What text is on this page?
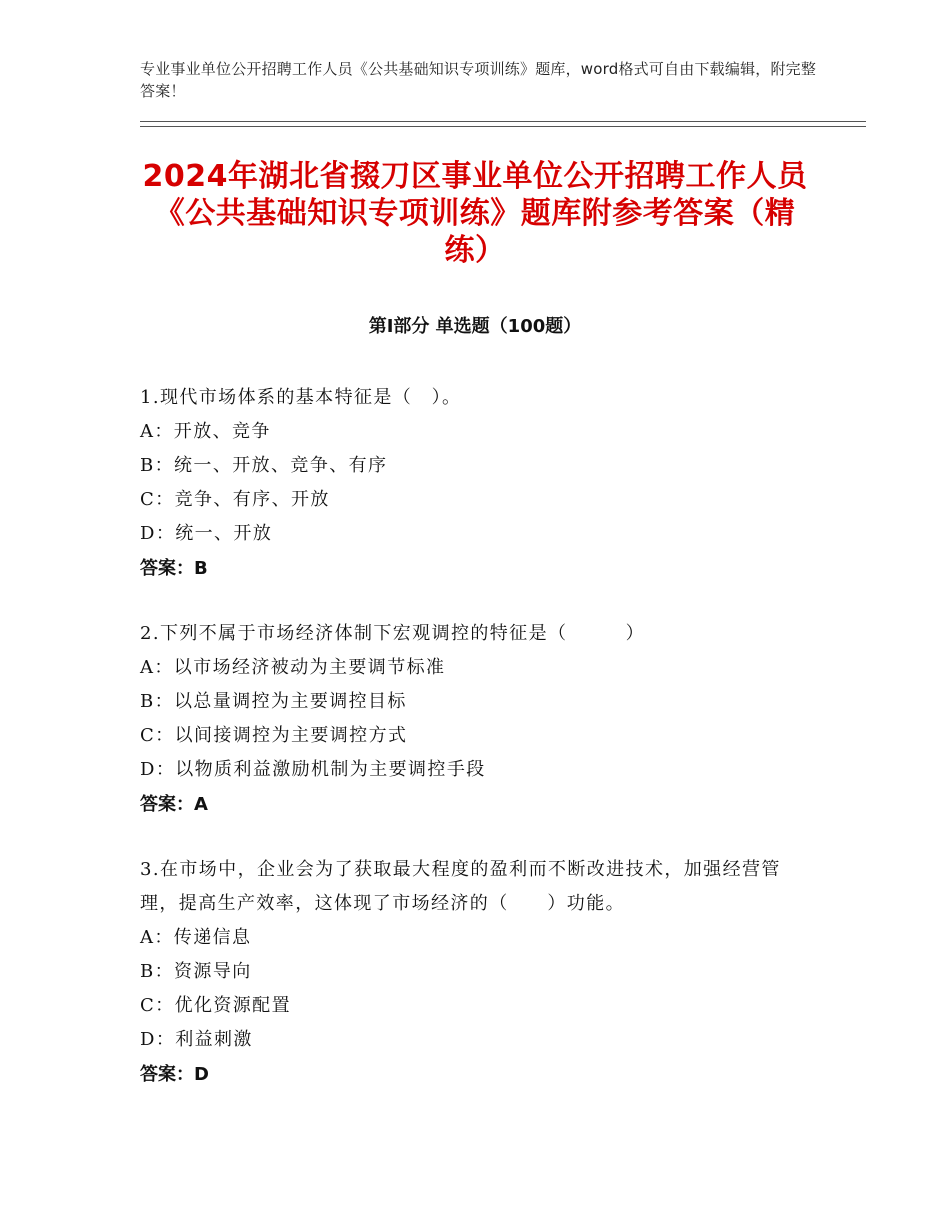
专业事业单位公开招聘工作人员《公共基础知识专项训练》题库，word格式可自由下载编辑，附完整答案！
2024年湖北省掇刀区事业单位公开招聘工作人员《公共基础知识专项训练》题库附参考答案（精练）
第Ⅰ部分 单选题（100题）
1.现代市场体系的基本特征是（　）。
A：开放、竞争
B：统一、开放、竞争、有序
C：竞争、有序、开放
D：统一、开放
答案：B
2.下列不属于市场经济体制下宏观调控的特征是（　　　）
A：以市场经济被动为主要调节标准
B：以总量调控为主要调控目标
C：以间接调控为主要调控方式
D：以物质利益激励机制为主要调控手段
答案：A
3.在市场中，企业会为了获取最大程度的盈利而不断改进技术，加强经营管理，提高生产效率，这体现了市场经济的（　　）功能。
A：传递信息
B：资源导向
C：优化资源配置
D：利益刺激
答案：D
